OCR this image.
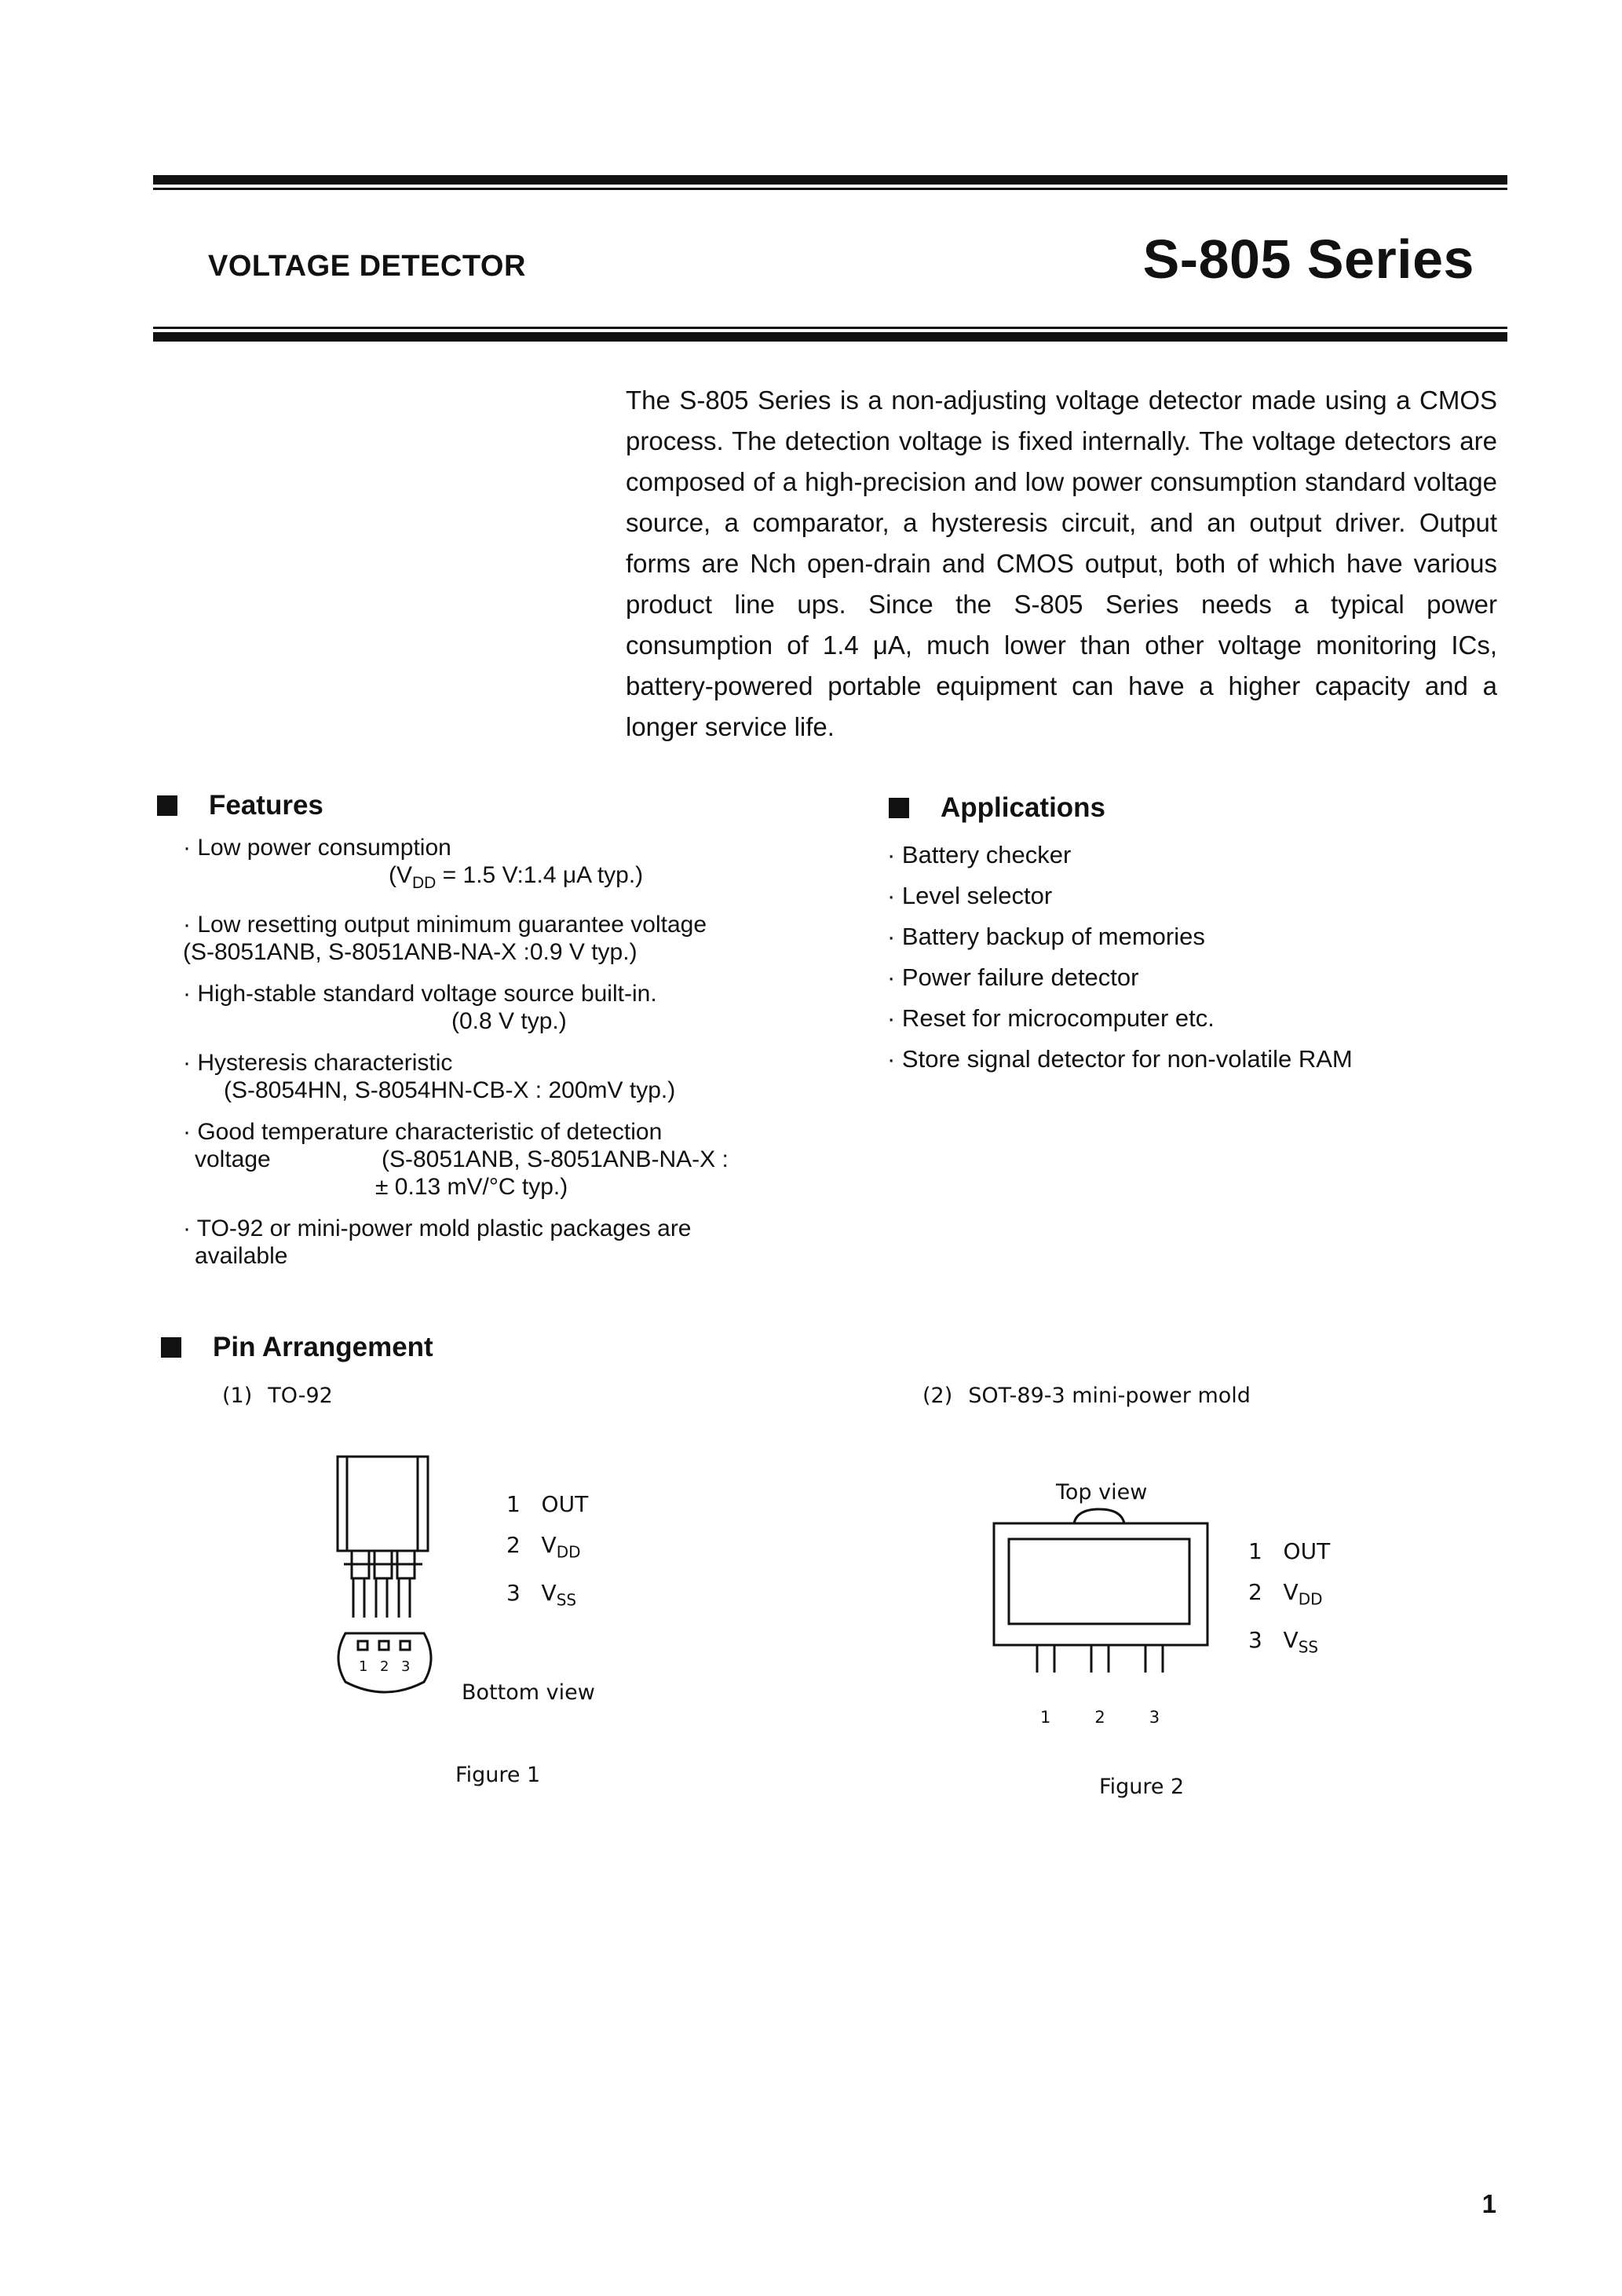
VOLTAGE DETECTOR	S-805 Series

The S-805 Series is a non-adjusting voltage detector made using a CMOS process. The detection voltage is fixed internally. The voltage detectors are composed of a high-precision and low power consumption standard voltage source, a comparator, a hysteresis circuit, and an output driver. Output forms are Nch open-drain and CMOS output, both of which have various product line ups. Since the S-805 Series needs a typical power consumption of 1.4 μA, much lower than other voltage monitoring ICs, battery-powered portable equipment can have a higher capacity and a longer service life.

Features
· Low power consumption
($V_{DD} = 1.5$ V:1.4 μA typ.)
· Low resetting output minimum guarantee voltage
(S-8051ANB, S-8051ANB-NA-X :0.9 V typ.)
· High-stable standard voltage source built-in.
(0.8 V typ.)
· Hysteresis characteristic
(S-8054HN, S-8054HN-CB-X : 200mV typ.)
· Good temperature characteristic of detection
voltage	(S-8051ANB, S-8051ANB-NA-X :
± 0.13 mV/°C typ.)
· TO-92 or mini-power mold plastic packages are
available
Applications
· Battery checker
· Level selector
· Battery backup of memories
· Power failure detector
· Reset for microcomputer etc.
· Store signal detector for non-volatile RAM
Pin Arrangement
(1) TO-92
1 2 3
1 OUT
2 $V_{DD}$
3 $V_{SS}$
Bottom view
Figure 1
(2) SOT-89-3 mini-power mold
Top view
1	2	3
1 OUT
2 $V_{DD}$
3 $V_{SS}$
Figure 2
1
